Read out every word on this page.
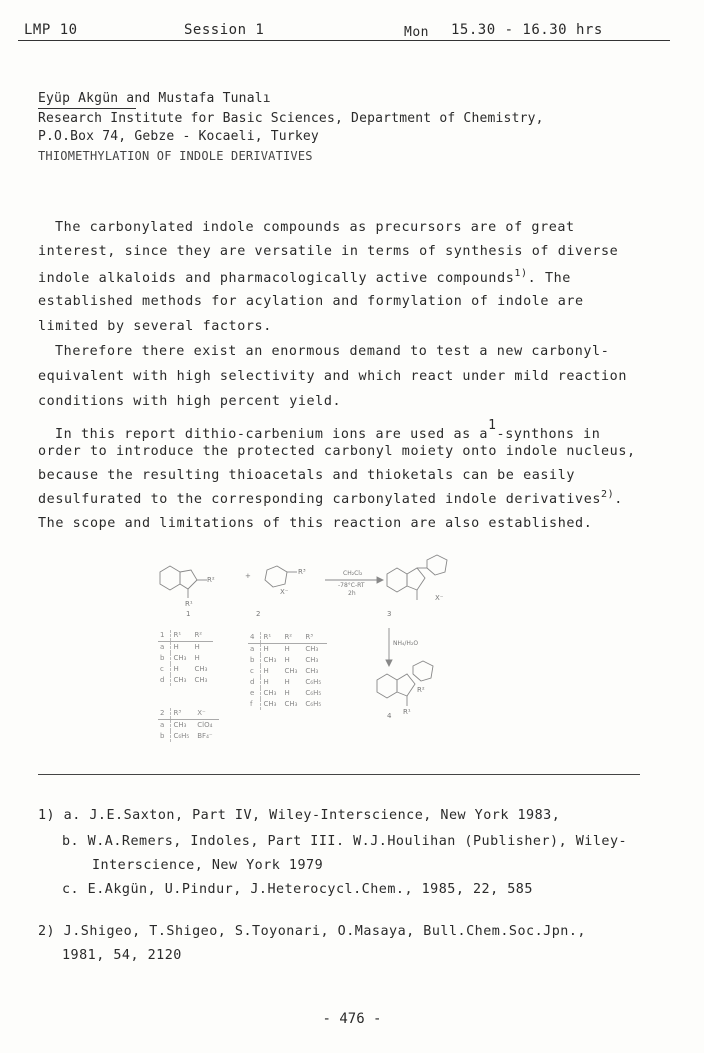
LMP 10	Session 1	Mon 15.30 - 16.30 hrs
Eyüp Akgün and Mustafa Tunalı
Research Institute for Basic Sciences, Department of Chemistry,
P.O.Box 74, Gebze - Kocaeli, Turkey
THIOMETHYLATION OF INDOLE DERIVATIVES
The carbonylated indole compounds as precursors are of great
interest, since they are versatile in terms of synthesis of diverse
indole alkaloids and pharmacologically active compounds$^{1)}$. The
established methods for acylation and formylation of indole are
limited by several factors.
Therefore there exist an enormous demand to test a new carbonyl-
equivalent with high selectivity and which react under mild reaction
conditions with high percent yield.
In this report dithio-carbenium ions are used as $a^1$-synthons in
order to introduce the protected carbonyl moiety onto indole nucleus,
because the resulting thioacetals and thioketals can be easily
desulfurated to the corresponding carbonylated indole derivatives$^{2)}$.
The scope and limitations of this reaction are also established.
R¹
R²
1
+	R³
X⁻
2
CH₂Cl₂
-78°C-RT
2h
X⁻
3
NH₄/H₂O
R²
R¹
4
1	R¹	R²
a	H	H
b	CH₃	H
c	H	CH₃
d	CH₃	CH₃
2	R³	X⁻
a	CH₃	ClO₄
b	C₆H₅	BF₄⁻
4	R¹	R²	R³
a	H	H	CH₃
b	CH₃	H	CH₃
c	H	CH₃	CH₃
d	H	H	C₆H₅
e	CH₃	H	C₆H₅
f	CH₃	CH₃	C₆H₅
1) a. J.E.Saxton, Part IV, Wiley-Interscience, New York 1983,
b. W.A.Remers, Indoles, Part III. W.J.Houlihan (Publisher), Wiley-
Interscience, New York 1979
c. E.Akgün, U.Pindur, J.Heterocycl.Chem., 1985, 22, 585
2) J.Shigeo, T.Shigeo, S.Toyonari, O.Masaya, Bull.Chem.Soc.Jpn.,
1981, 54, 2120
- 476 -
